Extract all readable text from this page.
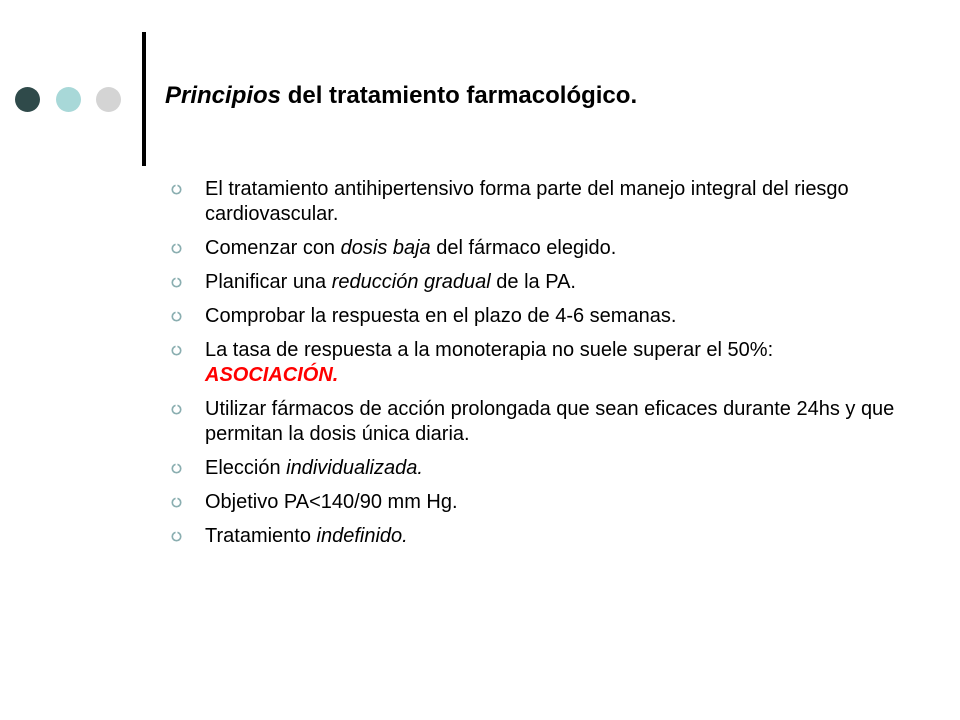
Principios del tratamiento farmacológico.
El tratamiento antihipertensivo forma parte del manejo integral del riesgo cardiovascular.
Comenzar con dosis baja del fármaco elegido.
Planificar una reducción gradual de la PA.
Comprobar la respuesta en el plazo de 4-6 semanas.
La tasa de respuesta a la monoterapia no suele superar el 50%: ASOCIACIÓN.
Utilizar fármacos de acción prolongada que sean eficaces durante 24hs y que permitan la dosis única diaria.
Elección individualizada.
Objetivo PA<140/90 mm Hg.
Tratamiento indefinido.
